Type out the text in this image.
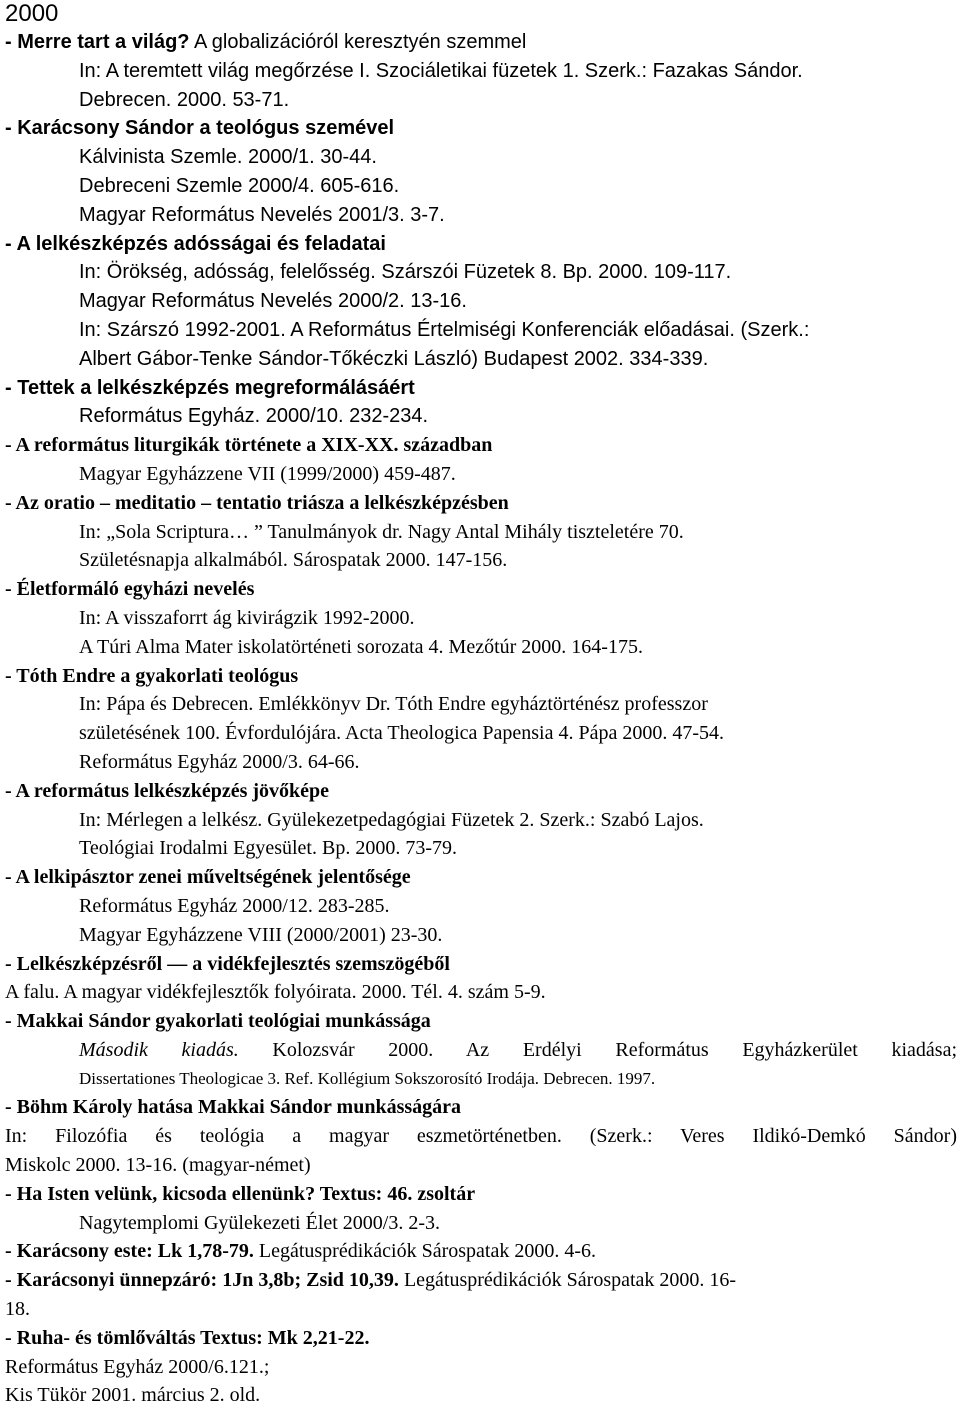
2000
- Merre tart a világ? A globalizációról keresztyén szemmel
In: A teremtett világ megőrzése I. Szociáletikai füzetek 1. Szerk.: Fazakas Sándor.
Debrecen. 2000. 53-71.
- Karácsony Sándor a teológus szemével
Kálvinista Szemle. 2000/1. 30-44.
Debreceni Szemle 2000/4. 605-616.
Magyar Református Nevelés 2001/3. 3-7.
- A lelkészképzés adósságai és feladatai
In: Örökség, adósság, felelősség. Szárszói Füzetek 8. Bp. 2000. 109-117.
Magyar Református Nevelés 2000/2. 13-16.
In: Szárszó 1992-2001. A Református Értelmiségi Konferenciák előadásai. (Szerk.:
Albert Gábor-Tenke Sándor-Tőkéczki László) Budapest 2002. 334-339.
- Tettek a lelkészképzés megreformálásáért
Református Egyház. 2000/10. 232-234.
- A református liturgikák története a XIX-XX. században
Magyar Egyházzene VII (1999/2000) 459-487.
- Az oratio – meditatio – tentatio triásza a lelkészképzésben
In: „Sola Scriptura… ” Tanulmányok dr. Nagy Antal Mihály tiszteletére 70.
Születésnapja alkalmából. Sárospatak 2000. 147-156.
- Életformáló egyházi nevelés
In: A visszaforrt ág kivirágzik 1992-2000.
A Túri Alma Mater iskolatörténeti sorozata 4. Mezőtúr 2000. 164-175.
- Tóth Endre a gyakorlati teológus
In: Pápa és Debrecen. Emlékkönyv Dr. Tóth Endre egyháztörténész professzor
születésének 100. Évfordulójára. Acta Theologica Papensia 4. Pápa 2000. 47-54.
Református Egyház 2000/3. 64-66.
- A református lelkészképzés jövőképe
In: Mérlegen a lelkész. Gyülekezetpedagógiai Füzetek 2. Szerk.: Szabó Lajos.
Teológiai Irodalmi Egyesület. Bp. 2000. 73-79.
- A lelkipásztor zenei műveltségének jelentősége
Református Egyház 2000/12. 283-285.
Magyar Egyházzene VIII (2000/2001) 23-30.
- Lelkészképzésről –– a vidékfejlesztés szemszögéből
A falu. A magyar vidékfejlesztők folyóirata. 2000. Tél. 4. szám 5-9.
- Makkai Sándor gyakorlati teológiai munkássága
Második kiadás. Kolozsvár 2000. Az Erdélyi Református Egyházkerület kiadása;
Dissertationes Theologicae 3. Ref. Kollégium Sokszorosító Irodája. Debrecen. 1997.
- Böhm Károly hatása Makkai Sándor munkásságára
In: Filozófia és teológia a magyar eszmetörténetben. (Szerk.: Veres Ildikó-Demkó Sándor)
Miskolc 2000. 13-16. (magyar-német)
- Ha Isten velünk, kicsoda ellenünk? Textus: 46. zsoltár
Nagytemplomi Gyülekezeti Élet 2000/3. 2-3.
- Karácsony este: Lk 1,78-79. Legátusprédikációk Sárospatak 2000. 4-6.
- Karácsonyi ünnepzáró: 1Jn 3,8b; Zsid 10,39. Legátusprédikációk Sárospatak 2000. 16-
18.
- Ruha- és tömlőváltás Textus: Mk 2,21-22.
Református Egyház 2000/6.121.;
Kis Tükör 2001. március 2. old.
